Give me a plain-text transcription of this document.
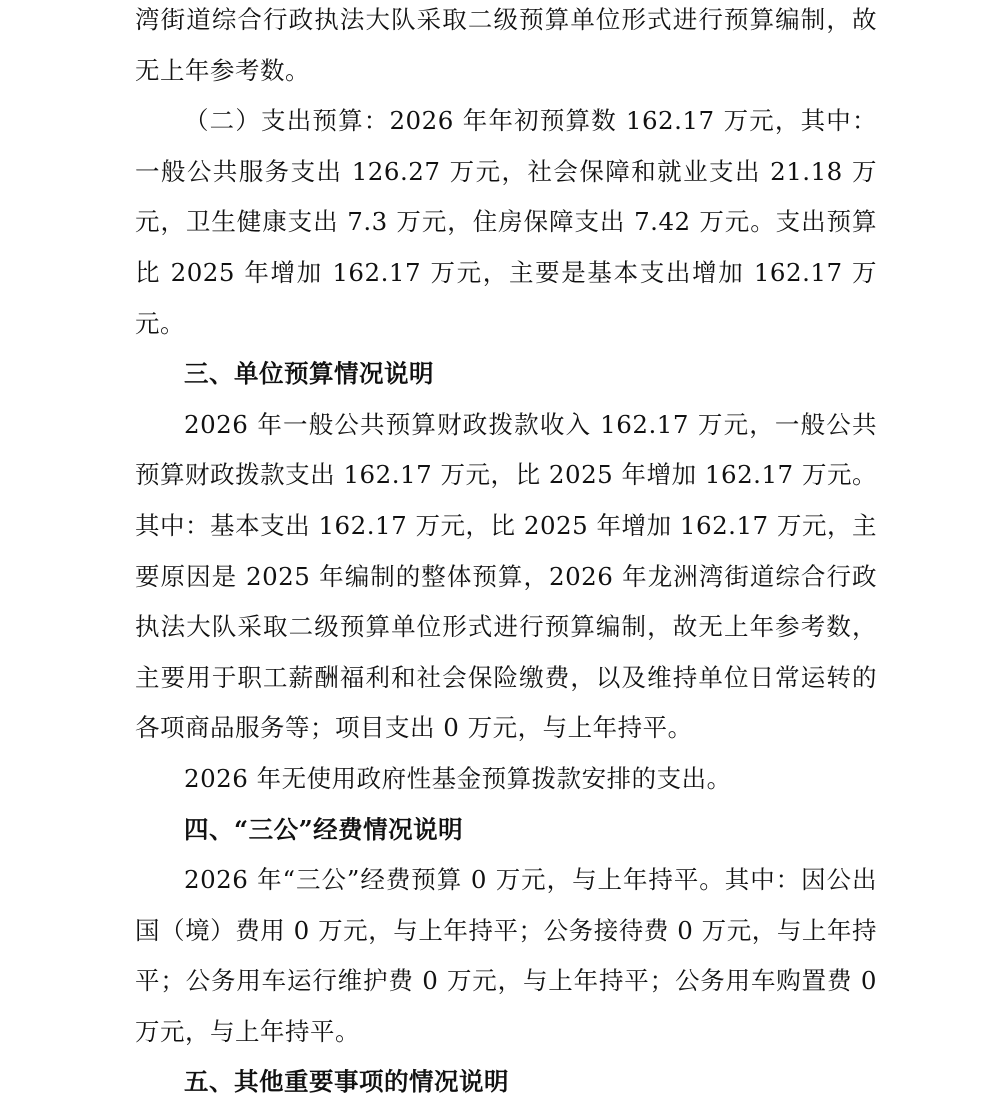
湾街道综合行政执法大队采取二级预算单位形式进行预算编制，故无上年参考数。

（二）支出预算：2026 年年初预算数 162.17 万元，其中：一般公共服务支出 126.27 万元，社会保障和就业支出 21.18 万元，卫生健康支出 7.3 万元，住房保障支出 7.42 万元。支出预算比 2025 年增加 162.17 万元，主要是基本支出增加 162.17 万元。

三、单位预算情况说明

2026 年一般公共预算财政拨款收入 162.17 万元，一般公共预算财政拨款支出 162.17 万元，比 2025 年增加 162.17 万元。其中：基本支出 162.17 万元，比 2025 年增加 162.17 万元，主要原因是 2025 年编制的整体预算，2026 年龙洲湾街道综合行政执法大队采取二级预算单位形式进行预算编制，故无上年参考数，主要用于职工薪酬福利和社会保险缴费，以及维持单位日常运转的各项商品服务等；项目支出 0 万元，与上年持平。

2026 年无使用政府性基金预算拨款安排的支出。

四、“三公”经费情况说明

2026 年“三公”经费预算 0 万元，与上年持平。其中：因公出国（境）费用 0 万元，与上年持平；公务接待费 0 万元，与上年持平；公务用车运行维护费 0 万元，与上年持平；公务用车购置费 0 万元，与上年持平。

五、其他重要事项的情况说明
